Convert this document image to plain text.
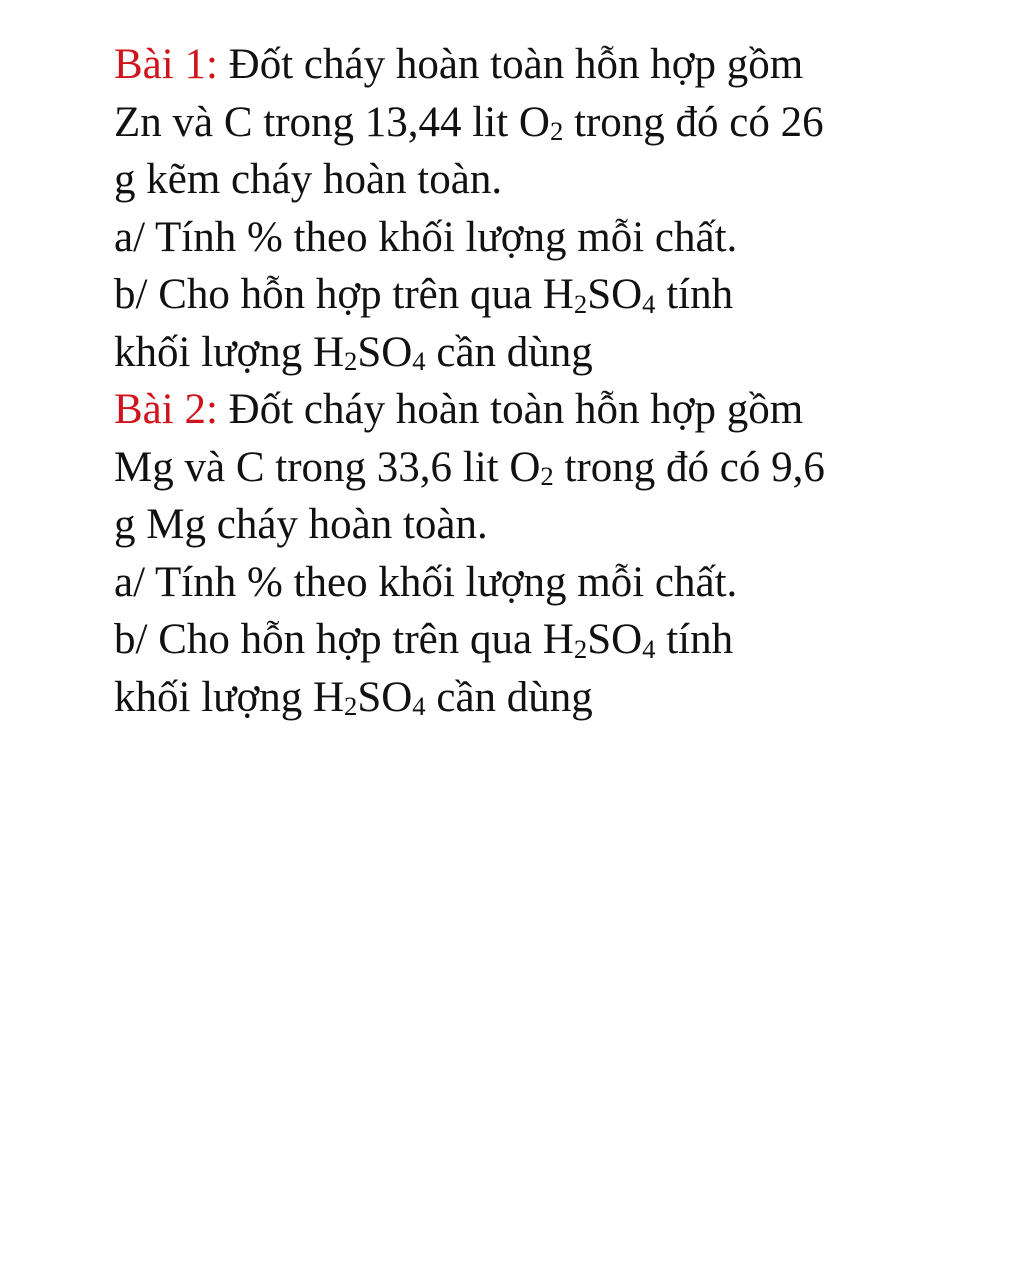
Bài 1: Đốt cháy hoàn toàn hỗn hợp gồm
Zn và C trong 13,44 lit O2 trong đó có 26
g kẽm cháy hoàn toàn.
a/ Tính % theo khối lượng mỗi chất.
b/ Cho hỗn hợp trên qua H2SO4 tính
khối lượng H2SO4 cần dùng
Bài 2: Đốt cháy hoàn toàn hỗn hợp gồm
Mg và C trong 33,6 lit O2 trong đó có 9,6
g Mg cháy hoàn toàn.
a/ Tính % theo khối lượng mỗi chất.
b/ Cho hỗn hợp trên qua H2SO4 tính
khối lượng H2SO4 cần dùng
